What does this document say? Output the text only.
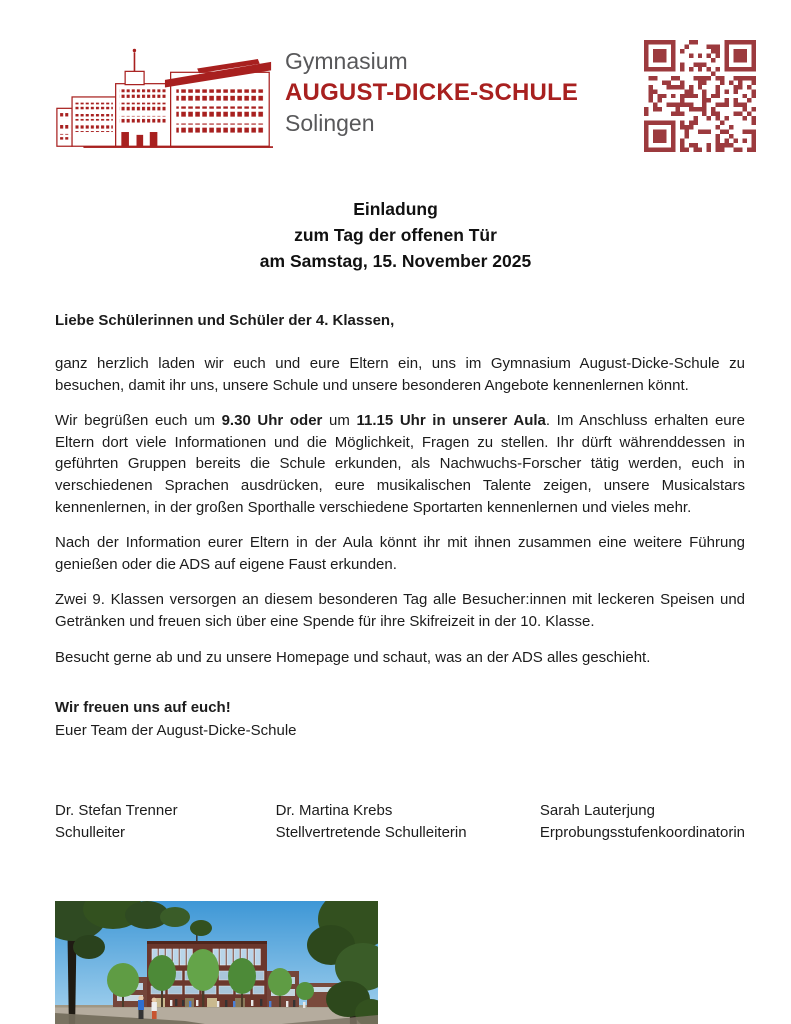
Gymnasium
AUGUST-DICKE-SCHULE
Solingen
Einladung
zum Tag der offenen Tür
am Samstag, 15. November 2025

Liebe Schülerinnen und Schüler der 4. Klassen,

ganz herzlich laden wir euch und eure Eltern ein, uns im Gymnasium August-Dicke-Schule zu besuchen, damit ihr uns, unsere Schule und unsere besonderen Angebote kennenlernen könnt.

Wir begrüßen euch um 9.30 Uhr oder um 11.15 Uhr in unserer Aula. Im Anschluss erhalten eure Eltern dort viele Informationen und die Möglichkeit, Fragen zu stellen. Ihr dürft währenddessen in geführten Gruppen bereits die Schule erkunden, als Nachwuchs-Forscher tätig werden, euch in verschiedenen Sprachen ausdrücken, eure musikalischen Talente zeigen, unsere Musicalstars kennenlernen, in der großen Sporthalle verschiedene Sportarten kennenlernen und vieles mehr.

Nach der Information eurer Eltern in der Aula könnt ihr mit ihnen zusammen eine weitere Führung genießen oder die ADS auf eigene Faust erkunden.

Zwei 9. Klassen versorgen an diesem besonderen Tag alle Besucher:innen mit leckeren Speisen und Getränken und freuen sich über eine Spende für ihre Skifreizeit in der 10. Klasse.

Besucht gerne ab und zu unsere Homepage und schaut, was an der ADS alles geschieht.

Wir freuen uns auf euch!

Euer Team der August-Dicke-Schule

Dr. Stefan Trenner
Schulleiter
Dr. Martina Krebs
Stellvertretende Schulleiterin
Sarah Lauterjung
Erprobungsstufenkoordinatorin
